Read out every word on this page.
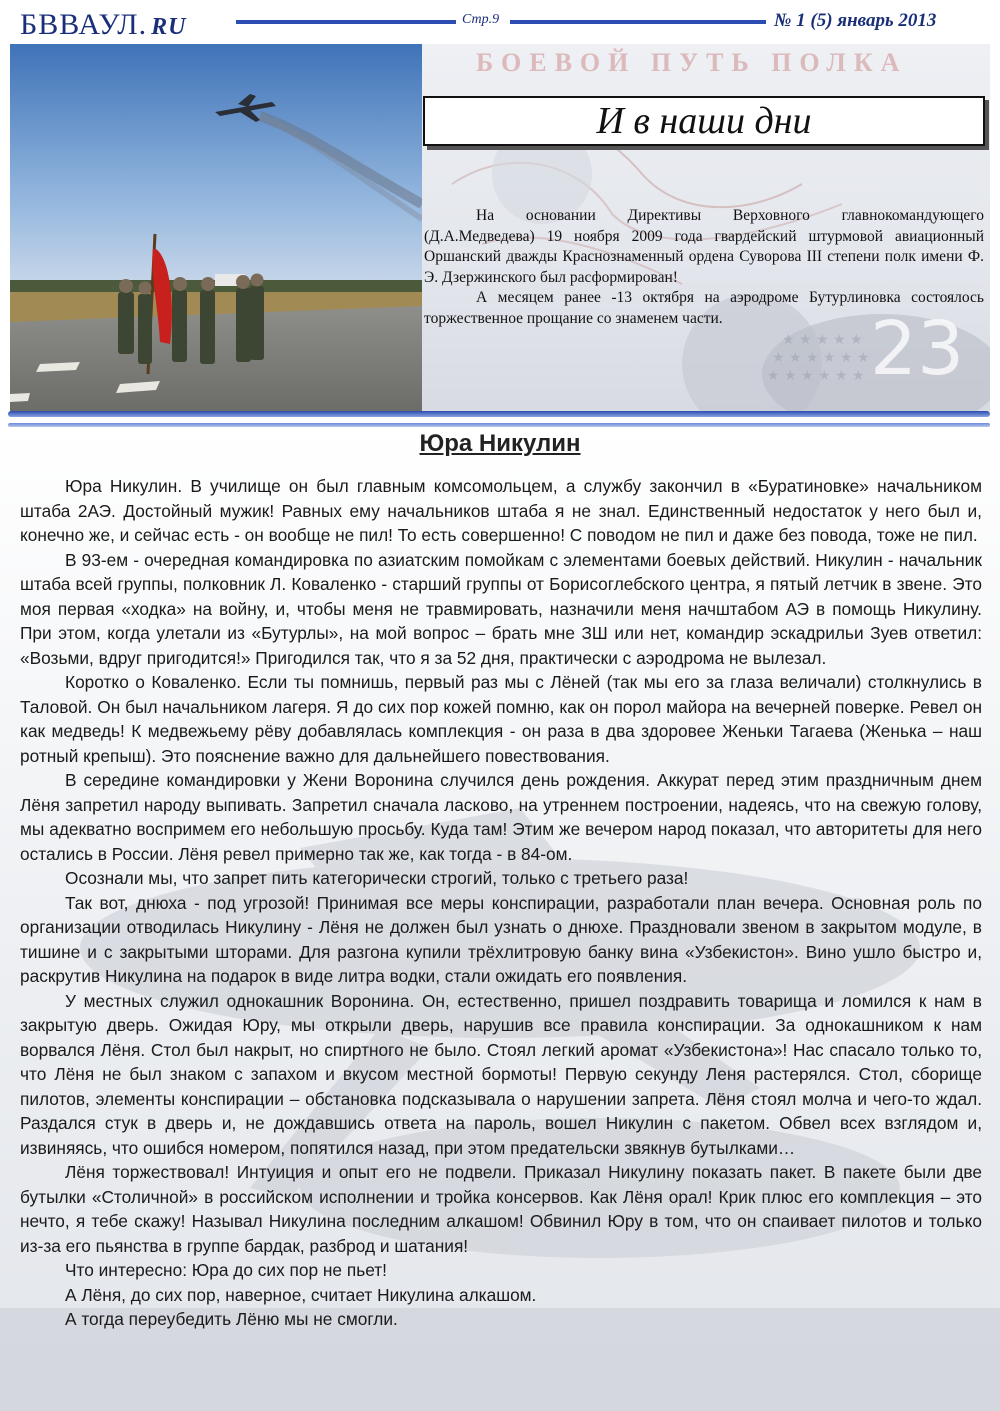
БВВАУЛ. RU	Стр.9	№ 1 (5) январь 2013
★ ★ ★ ★ ★
★ ★ ★ ★ ★ ★
★ ★ ★ ★ ★ ★ 23
БОЕВОЙ ПУТЬ ПОЛКА
И в наши дни

На основании Директивы Верховного главнокомандующего (Д.А.Медведева) 19 ноября 2009 года гвардейский штурмовой авиационный Оршанский дважды Краснознаменный ордена Суворова III степени полк имени Ф. Э. Дзержинского был расформирован!

А месяцем ранее -13 октября на аэродроме Бутурлиновка состоялось торжественное прощание со знаменем части.

Юра Никулин

Юра Никулин. В училище он был главным комсомольцем, а службу закончил в «Буратиновке» начальником штаба 2АЭ. Достойный мужик! Равных ему начальников штаба я не знал. Единственный недостаток у него был и, конечно же, и сейчас есть - он вообще не пил! То есть совершенно! С поводом не пил и даже без повода, тоже не пил.

В 93-ем - очередная командировка по азиатским помойкам с элементами боевых действий. Никулин - начальник штаба всей группы, полковник Л. Коваленко - старший группы от Борисоглебского центра, я пятый летчик в звене. Это моя первая «ходка» на войну, и, чтобы меня не травмировать, назначили меня начштабом АЭ в помощь Никулину. При этом, когда улетали из «Бутурлы», на мой вопрос – брать мне ЗШ или нет, командир эскадрильи Зуев ответил: «Возьми, вдруг пригодится!» Пригодился так, что я за 52 дня, практически с аэродрома не вылезал.

Коротко о Коваленко. Если ты помнишь, первый раз мы с Лёней (так мы его за глаза величали) столкнулись в Таловой. Он был начальником лагеря. Я до сих пор кожей помню, как он порол майора на вечерней поверке. Ревел он как медведь! К медвежьему рёву добавлялась комплекция - он раза в два здоровее Женьки Тагаева (Женька – наш ротный крепыш). Это пояснение важно для дальнейшего повествования.

В середине командировки у Жени Воронина случился день рождения. Аккурат перед этим праздничным днем Лёня запретил народу выпивать. Запретил сначала ласково, на утреннем построении, надеясь, что на свежую голову, мы адекватно воспримем его небольшую просьбу. Куда там! Этим же вечером народ показал, что авторитеты для него остались в России. Лёня ревел примерно так же, как тогда - в 84-ом.

Осознали мы, что запрет пить категорически строгий, только с третьего раза!

Так вот, днюха - под угрозой! Принимая все меры конспирации, разработали план вечера. Основная роль по организации отводилась Никулину - Лёня не должен был узнать о днюхе. Праздновали звеном в закрытом модуле, в тишине и с закрытыми шторами. Для разгона купили трёхлитровую банку вина «Узбекистон». Вино ушло быстро и, раскрутив Никулина на подарок в виде литра водки, стали ожидать его появления.

У местных служил однокашник Воронина. Он, естественно, пришел поздравить товарища и ломился к нам в закрытую дверь. Ожидая Юру, мы открыли дверь, нарушив все правила конспирации. За однокашником к нам ворвался Лёня. Стол был накрыт, но спиртного не было. Стоял легкий аромат «Узбекистона»! Нас спасало только то, что Лёня не был знаком с запахом и вкусом местной бормоты! Первую секунду Леня растерялся. Стол, сборище пилотов, элементы конспирации – обстановка подсказывала о нарушении запрета. Лёня стоял молча и чего-то ждал. Раздался стук в дверь и, не дождавшись ответа на пароль, вошел Никулин с пакетом. Обвел всех взглядом и, извиняясь, что ошибся номером, попятился назад, при этом предательски звякнув бутылками…

Лёня торжествовал! Интуиция и опыт его не подвели. Приказал Никулину показать пакет. В пакете были две бутылки «Столичной» в российском исполнении и тройка консервов. Как Лёня орал! Крик плюс его комплекция – это нечто, я тебе скажу! Называл Никулина последним алкашом! Обвинил Юру в том, что он спаивает пилотов и только из-за его пьянства в группе бардак, разброд и шатания!

Что интересно: Юра до сих пор не пьет!

А Лёня, до сих пор, наверное, считает Никулина алкашом.

А тогда переубедить Лёню мы не смогли.
